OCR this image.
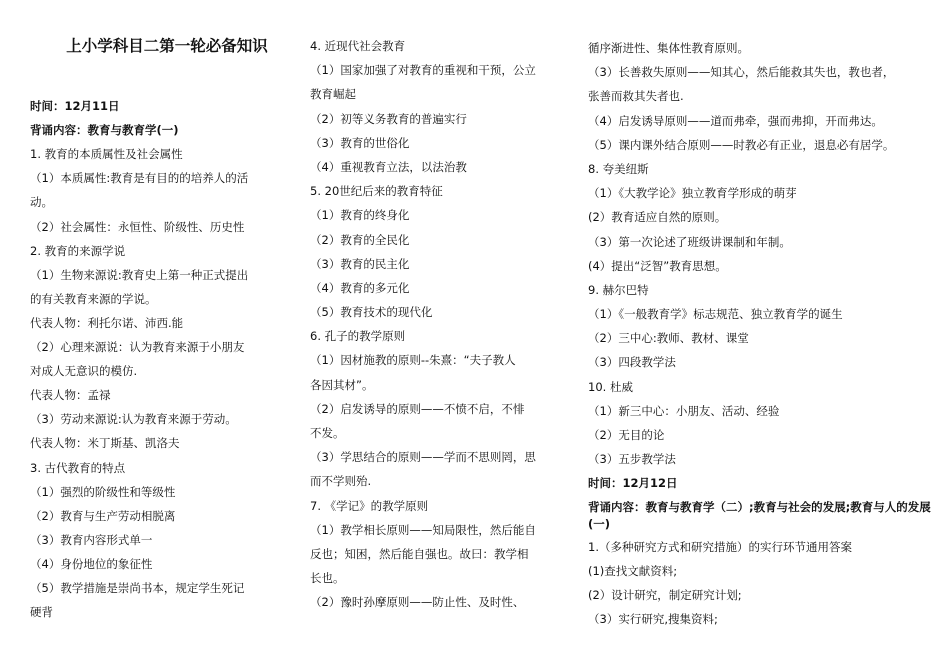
上小学科目二第一轮必备知识
时间：12月11日
背诵内容：教育与教育学(一)
1. 教育的本质属性及社会属性
（1）本质属性:教育是有目的的培养人的活
动。
（2）社会属性：永恒性、阶级性、历史性
2. 教育的来源学说
（1）生物来源说:教育史上第一种正式提出
的有关教育来源的学说。
代表人物：利托尔诺、沛西.能
（2）心理来源说：认为教育来源于小朋友
对成人无意识的模仿.
代表人物：孟禄
（3）劳动来源说:认为教育来源于劳动。
代表人物：米丁斯基、凯洛夫
3. 古代教育的特点
（1）强烈的阶级性和等级性
（2）教育与生产劳动相脱离
（3）教育内容形式单一
（4）身份地位的象征性
（5）教学措施是崇尚书本，规定学生死记
硬背
4. 近现代社会教育
（1）国家加强了对教育的重视和干预，公立
教育崛起
（2）初等义务教育的普遍实行
（3）教育的世俗化
（4）重视教育立法，以法治教
5. 20世纪后来的教育特征
（1）教育的终身化
（2）教育的全民化
（3）教育的民主化
（4）教育的多元化
（5）教育技术的现代化
6. 孔子的教学原则
（1）因材施教的原则--朱熹：“夫子教人
各因其材”。
（2）启发诱导的原则——不愤不启，不悱
不发。
（3）学思结合的原则——学而不思则罔，思
而不学则殆.
7. 《学记》的教学原则
（1）教学相长原则——知局限性，然后能自
反也；知困，然后能自强也。故曰：教学相
长也。
（2）豫时孙摩原则——防止性、及时性、
循序渐进性、集体性教育原则。
（3）长善救失原则——知其心，然后能救其失也，教也者，
张善而救其失者也.
（4）启发诱导原则——道而弗牵，强而弗抑，开而弗达。
（5）课内课外结合原则——时教必有正业，退息必有居学。
8. 夸美纽斯
（1）《大教学论》独立教育学形成的萌芽
(2）教育适应自然的原则。
（3）第一次论述了班级讲课制和年制。
(4）提出“泛智”教育思想。
9. 赫尔巴特
（1）《一般教育学》标志规范、独立教育学的诞生
（2）三中心:教师、教材、课堂
（3）四段教学法
10. 杜威
（1）新三中心：小朋友、活动、经验
（2）无目的论
（3）五步教学法
时间：12月12日
背诵内容：教育与教育学（二）;教育与社会的发展;教育与人的发展(一)
1.（多种研究方式和研究措施）的实行环节通用答案
(1)查找文献资料;
(2）设计研究，制定研究计划;
（3）实行研究,搜集资料;
